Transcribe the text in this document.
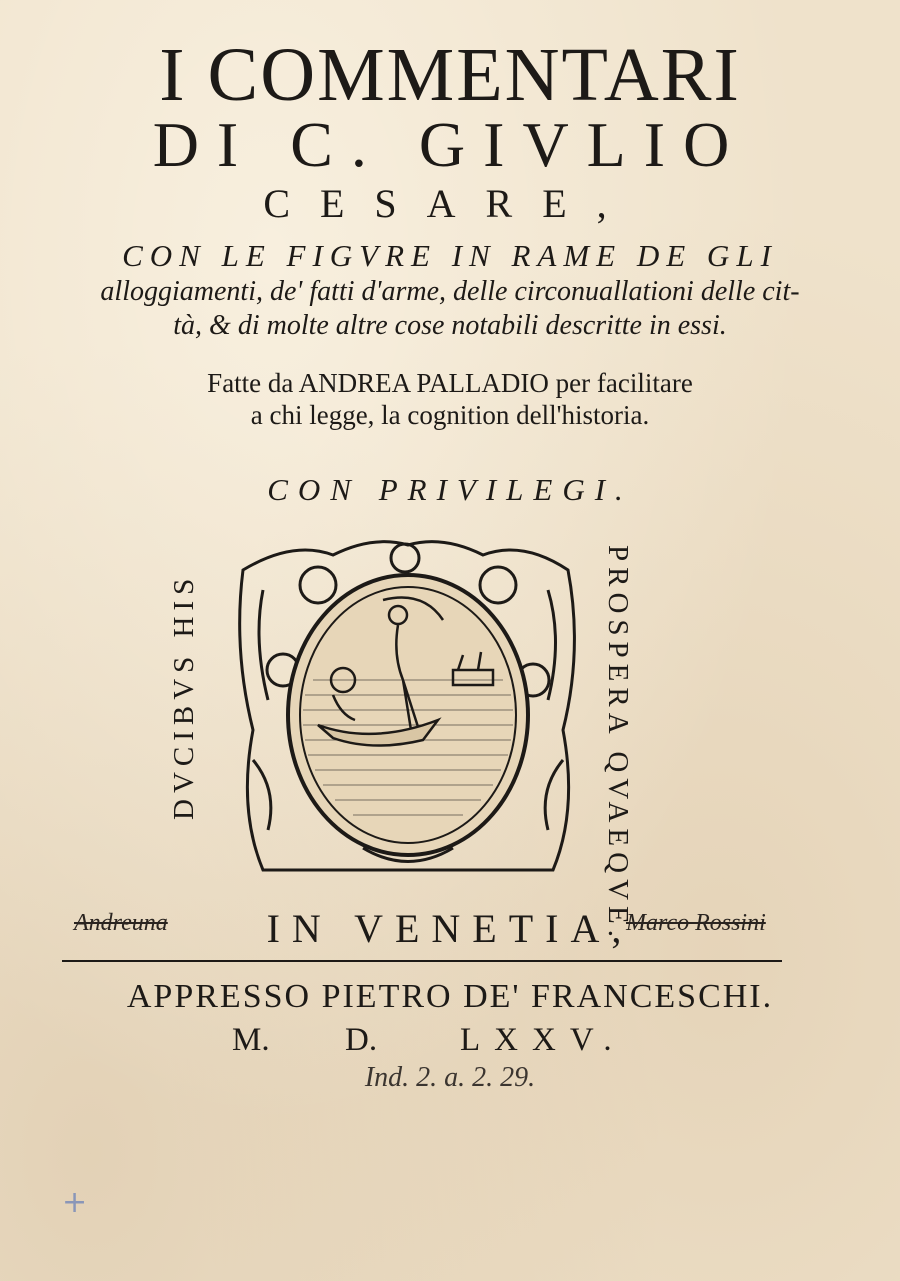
I COMMENTARI
DI C. GIVLIO
CESARE,
CON LE FIGVRE IN RAME DE GLI
alloggiamenti, de' fatti d'arme, delle circonuallationi delle cit-
tà, & di molte altre cose notabili descritte in essi.
Fatte da ANDREA PALLADIO per facilitare
a chi legge, la cognition dell'historia.
CON PRIVILEGI.
DVCIBVS HIS	PROSPERA QVAEQVE.
Andreuna	IN VENETIA,
Marco Rossini
APPRESSO PIETRO DE' FRANCESCHI.
M. D.	LXXV.
Ind. 2. a. 2. 29.
+
